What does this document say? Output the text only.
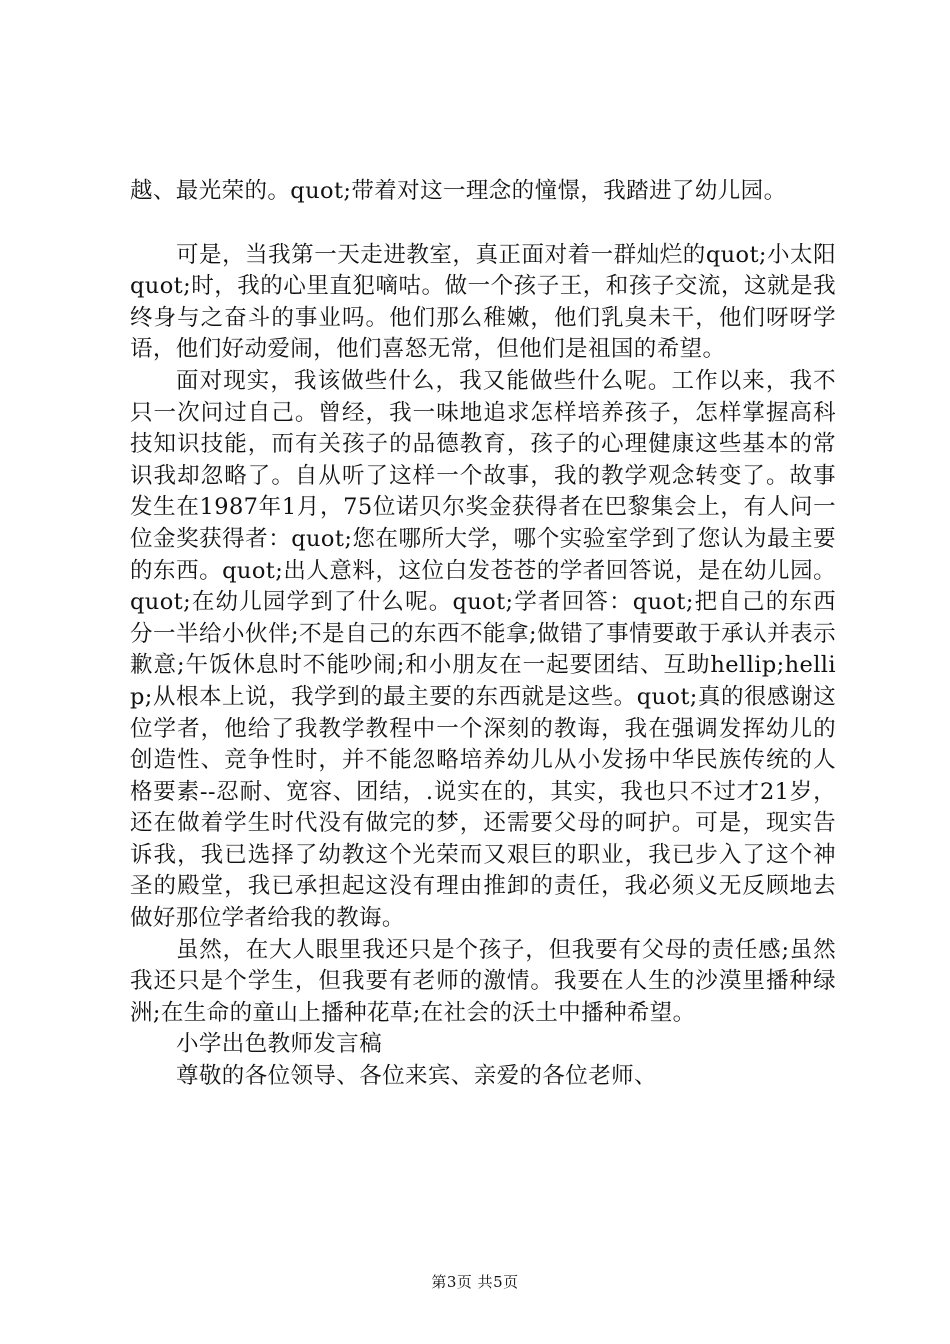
越、最光荣的。quot;带着对这一理念的憧憬，我踏进了幼儿园。

可是，当我第一天走进教室，真正面对着一群灿烂的quot;小太阳quot;时，我的心里直犯嘀咕。做一个孩子王，和孩子交流，这就是我终身与之奋斗的事业吗。他们那么稚嫩，他们乳臭未干，他们呀呀学语，他们好动爱闹，他们喜怒无常，但他们是祖国的希望。

面对现实，我该做些什么，我又能做些什么呢。工作以来，我不只一次问过自己。曾经，我一味地追求怎样培养孩子，怎样掌握高科技知识技能，而有关孩子的品德教育，孩子的心理健康这些基本的常识我却忽略了。自从听了这样一个故事，我的教学观念转变了。故事发生在1987年1月，75位诺贝尔奖金获得者在巴黎集会上，有人问一位金奖获得者：quot;您在哪所大学，哪个实验室学到了您认为最主要的东西。quot;出人意料，这位白发苍苍的学者回答说，是在幼儿园。quot;在幼儿园学到了什么呢。quot;学者回答：quot;把自己的东西分一半给小伙伴;不是自己的东西不能拿;做错了事情要敢于承认并表示歉意;午饭休息时不能吵闹;和小朋友在一起要团结、互助hellip;hellip;从根本上说，我学到的最主要的东西就是这些。quot;真的很感谢这位学者，他给了我教学教程中一个深刻的教诲，我在强调发挥幼儿的创造性、竞争性时，并不能忽略培养幼儿从小发扬中华民族传统的人格要素--忍耐、宽容、团结，.说实在的，其实，我也只不过才21岁，还在做着学生时代没有做完的梦，还需要父母的呵护。可是，现实告诉我，我已选择了幼教这个光荣而又艰巨的职业，我已步入了这个神圣的殿堂，我已承担起这没有理由推卸的责任，我必须义无反顾地去做好那位学者给我的教诲。

虽然，在大人眼里我还只是个孩子，但我要有父母的责任感;虽然我还只是个学生，但我要有老师的激情。我要在人生的沙漠里播种绿洲;在生命的童山上播种花草;在社会的沃土中播种希望。

小学出色教师发言稿

尊敬的各位领导、各位来宾、亲爱的各位老师、

第3页 共5页
